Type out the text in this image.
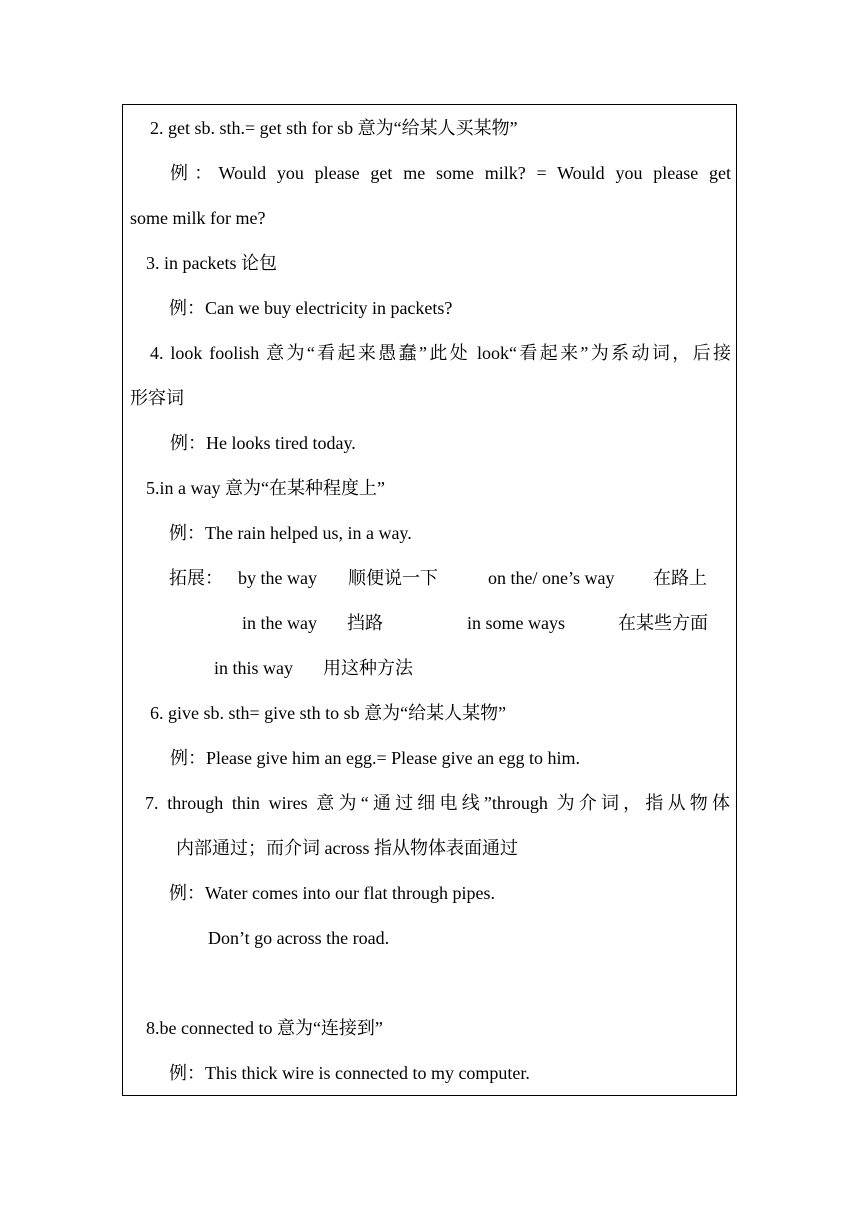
2. get sb. sth.= get sth for sb 意为“给某人买某物”
例：Would you please get me some milk? = Would you please get
some milk for me?
3. in packets 论包
例：Can we buy electricity in packets?
4. look foolish 意为“看起来愚蠢”此处 look“看起来”为系动词，后接
形容词
例：He looks tired today.
5.in a way 意为“在某种程度上”
例：The rain helped us, in a way.
拓展： by the way 顺便说一下	on the/ one’s way 在路上
in the way 挡路	in some ways	在某些方面
in this way 用这种方法
6. give sb. sth= give sth to sb 意为“给某人某物”
例：Please give him an egg.= Please give an egg to him.
7. through thin wires 意为“通过细电线”through 为介词，指从物体
内部通过；而介词 across 指从物体表面通过
例：Water comes into our flat through pipes.
Don’t go across the road.
8.be connected to 意为“连接到”
例：This thick wire is connected to my computer.
